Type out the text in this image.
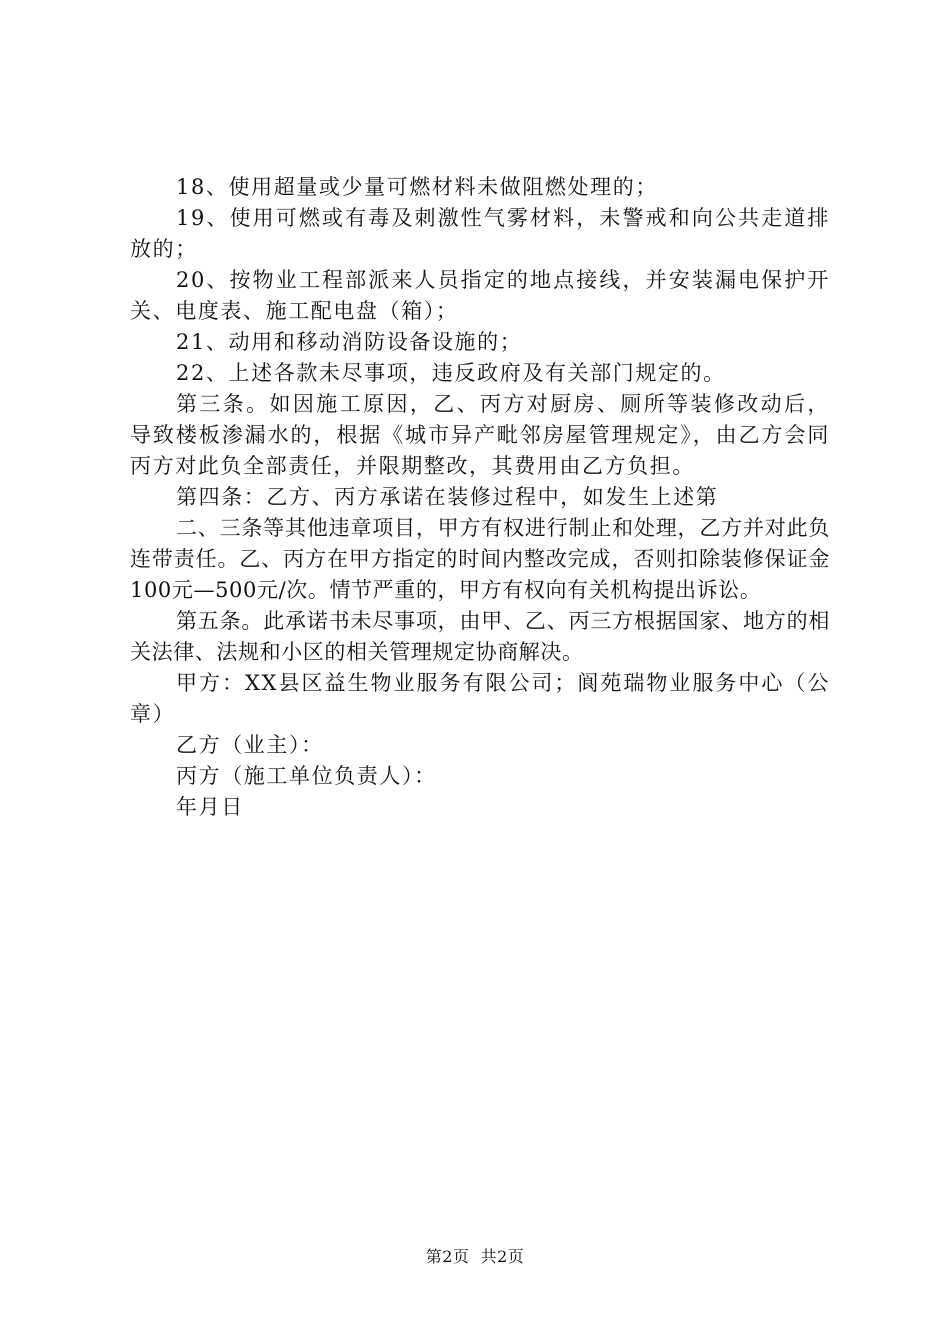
18、使用超量或少量可燃材料未做阻燃处理的；

19、使用可燃或有毒及刺激性气雾材料，未警戒和向公共走道排放的；

20、按物业工程部派来人员指定的地点接线，并安装漏电保护开关、电度表、施工配电盘（箱）；

21、动用和移动消防设备设施的；

22、上述各款未尽事项，违反政府及有关部门规定的。

第三条。如因施工原因，乙、丙方对厨房、厕所等装修改动后，导致楼板渗漏水的，根据《城市异产毗邻房屋管理规定》，由乙方会同丙方对此负全部责任，并限期整改，其费用由乙方负担。

第四条：乙方、丙方承诺在装修过程中，如发生上述第

二、三条等其他违章项目，甲方有权进行制止和处理，乙方并对此负连带责任。乙、丙方在甲方指定的时间内整改完成，否则扣除装修保证金100元—500元/次。情节严重的，甲方有权向有关机构提出诉讼。

第五条。此承诺书未尽事项，由甲、乙、丙三方根据国家、地方的相关法律、法规和小区的相关管理规定协商解决。

甲方：XX县区益生物业服务有限公司；阆苑瑞物业服务中心（公章）

乙方（业主）：

丙方（施工单位负责人）：

年月日

第2页  共2页
